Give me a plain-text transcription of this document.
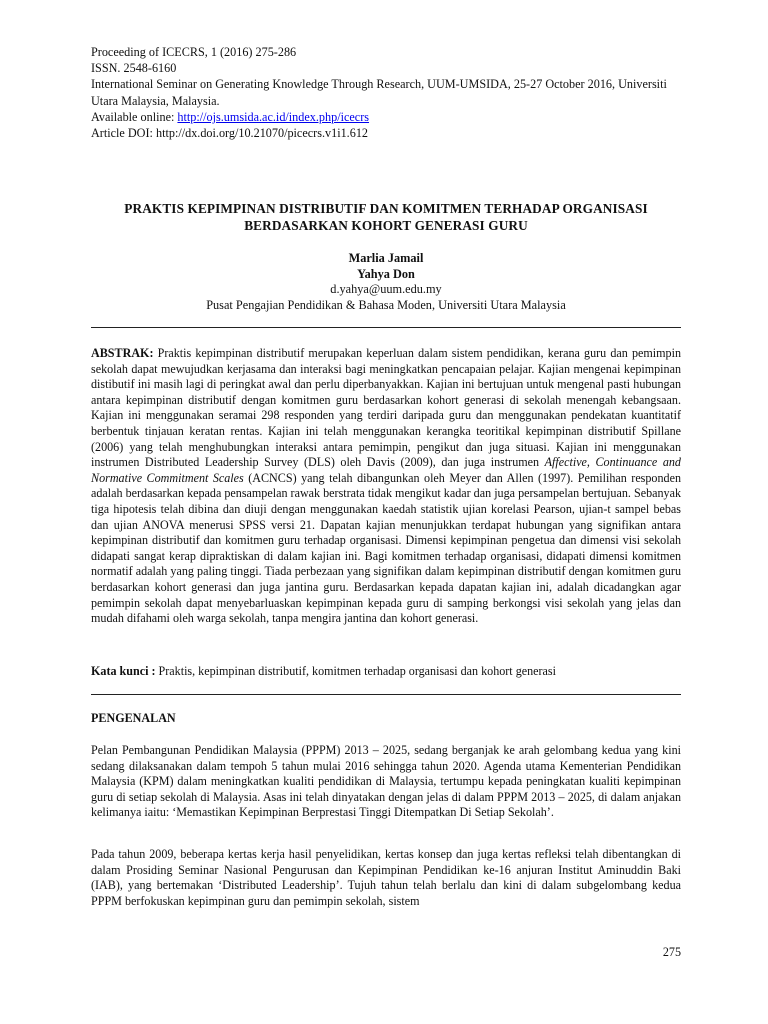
Proceeding of ICECRS, 1 (2016) 275-286
ISSN. 2548-6160
International Seminar on Generating Knowledge Through Research, UUM-UMSIDA, 25-27 October 2016, Universiti Utara Malaysia, Malaysia.
Available online: http://ojs.umsida.ac.id/index.php/icecrs
Article DOI: http://dx.doi.org/10.21070/picecrs.v1i1.612
PRAKTIS KEPIMPINAN DISTRIBUTIF DAN KOMITMEN TERHADAP ORGANISASI
BERDASARKAN KOHORT GENERASI GURU
Marlia Jamail
Yahya Don
d.yahya@uum.edu.my
Pusat Pengajian Pendidikan & Bahasa Moden, Universiti Utara Malaysia
ABSTRAK: Praktis kepimpinan distributif merupakan keperluan dalam sistem pendidikan, kerana guru dan pemimpin sekolah dapat mewujudkan kerjasama dan interaksi bagi meningkatkan pencapaian pelajar. Kajian mengenai kepimpinan distibutif ini masih lagi di peringkat awal dan perlu diperbanyakkan. Kajian ini bertujuan untuk mengenal pasti hubungan antara kepimpinan distributif dengan komitmen guru berdasarkan kohort generasi di sekolah menengah kebangsaan. Kajian ini menggunakan seramai 298 responden yang terdiri daripada guru dan menggunakan pendekatan kuantitatif berbentuk tinjauan keratan rentas. Kajian ini telah menggunakan kerangka teoritikal kepimpinan distributif Spillane (2006) yang telah menghubungkan interaksi antara pemimpin, pengikut dan juga situasi. Kajian ini menggunakan instrumen Distributed Leadership Survey (DLS) oleh Davis (2009), dan juga instrumen Affective, Continuance and Normative Commitment Scales (ACNCS) yang telah dibangunkan oleh Meyer dan Allen (1997). Pemilihan responden adalah berdasarkan kepada pensampelan rawak berstrata tidak mengikut kadar dan juga persampelan bertujuan. Sebanyak tiga hipotesis telah dibina dan diuji dengan menggunakan kaedah statistik ujian korelasi Pearson, ujian-t sampel bebas dan ujian ANOVA menerusi SPSS versi 21. Dapatan kajian menunjukkan terdapat hubungan yang signifikan antara kepimpinan distributif dan komitmen guru terhadap organisasi. Dimensi kepimpinan pengetua dan dimensi visi sekolah didapati sangat kerap dipraktiskan di dalam kajian ini. Bagi komitmen terhadap organisasi, didapati dimensi komitmen normatif adalah yang paling tinggi. Tiada perbezaan yang signifikan dalam kepimpinan distributif dengan komitmen guru berdasarkan kohort generasi dan juga jantina guru. Berdasarkan kepada dapatan kajian ini, adalah dicadangkan agar pemimpin sekolah dapat menyebarluaskan kepimpinan kepada guru di samping berkongsi visi sekolah yang jelas dan mudah difahami oleh warga sekolah, tanpa mengira jantina dan kohort generasi.
Kata kunci : Praktis, kepimpinan distributif, komitmen terhadap organisasi dan kohort generasi
PENGENALAN
Pelan Pembangunan Pendidikan Malaysia (PPPM) 2013 – 2025, sedang berganjak ke arah gelombang kedua yang kini sedang dilaksanakan dalam tempoh 5 tahun mulai 2016 sehingga tahun 2020. Agenda utama Kementerian Pendidikan Malaysia (KPM) dalam meningkatkan kualiti pendidikan di Malaysia, tertumpu kepada peningkatan kualiti kepimpinan guru di setiap sekolah di Malaysia. Asas ini telah dinyatakan dengan jelas di dalam PPPM 2013 – 2025, di dalam anjakan kelimanya iaitu: ‘Memastikan Kepimpinan Berprestasi Tinggi Ditempatkan Di Setiap Sekolah’.
Pada tahun 2009, beberapa kertas kerja hasil penyelidikan, kertas konsep dan juga kertas refleksi telah dibentangkan di dalam Prosiding Seminar Nasional Pengurusan dan Kepimpinan Pendidikan ke-16 anjuran Institut Aminuddin Baki (IAB), yang bertemakan ‘Distributed Leadership’. Tujuh tahun telah berlalu dan kini di dalam subgelombang kedua PPPM berfokuskan kepimpinan guru dan pemimpin sekolah, sistem
275
